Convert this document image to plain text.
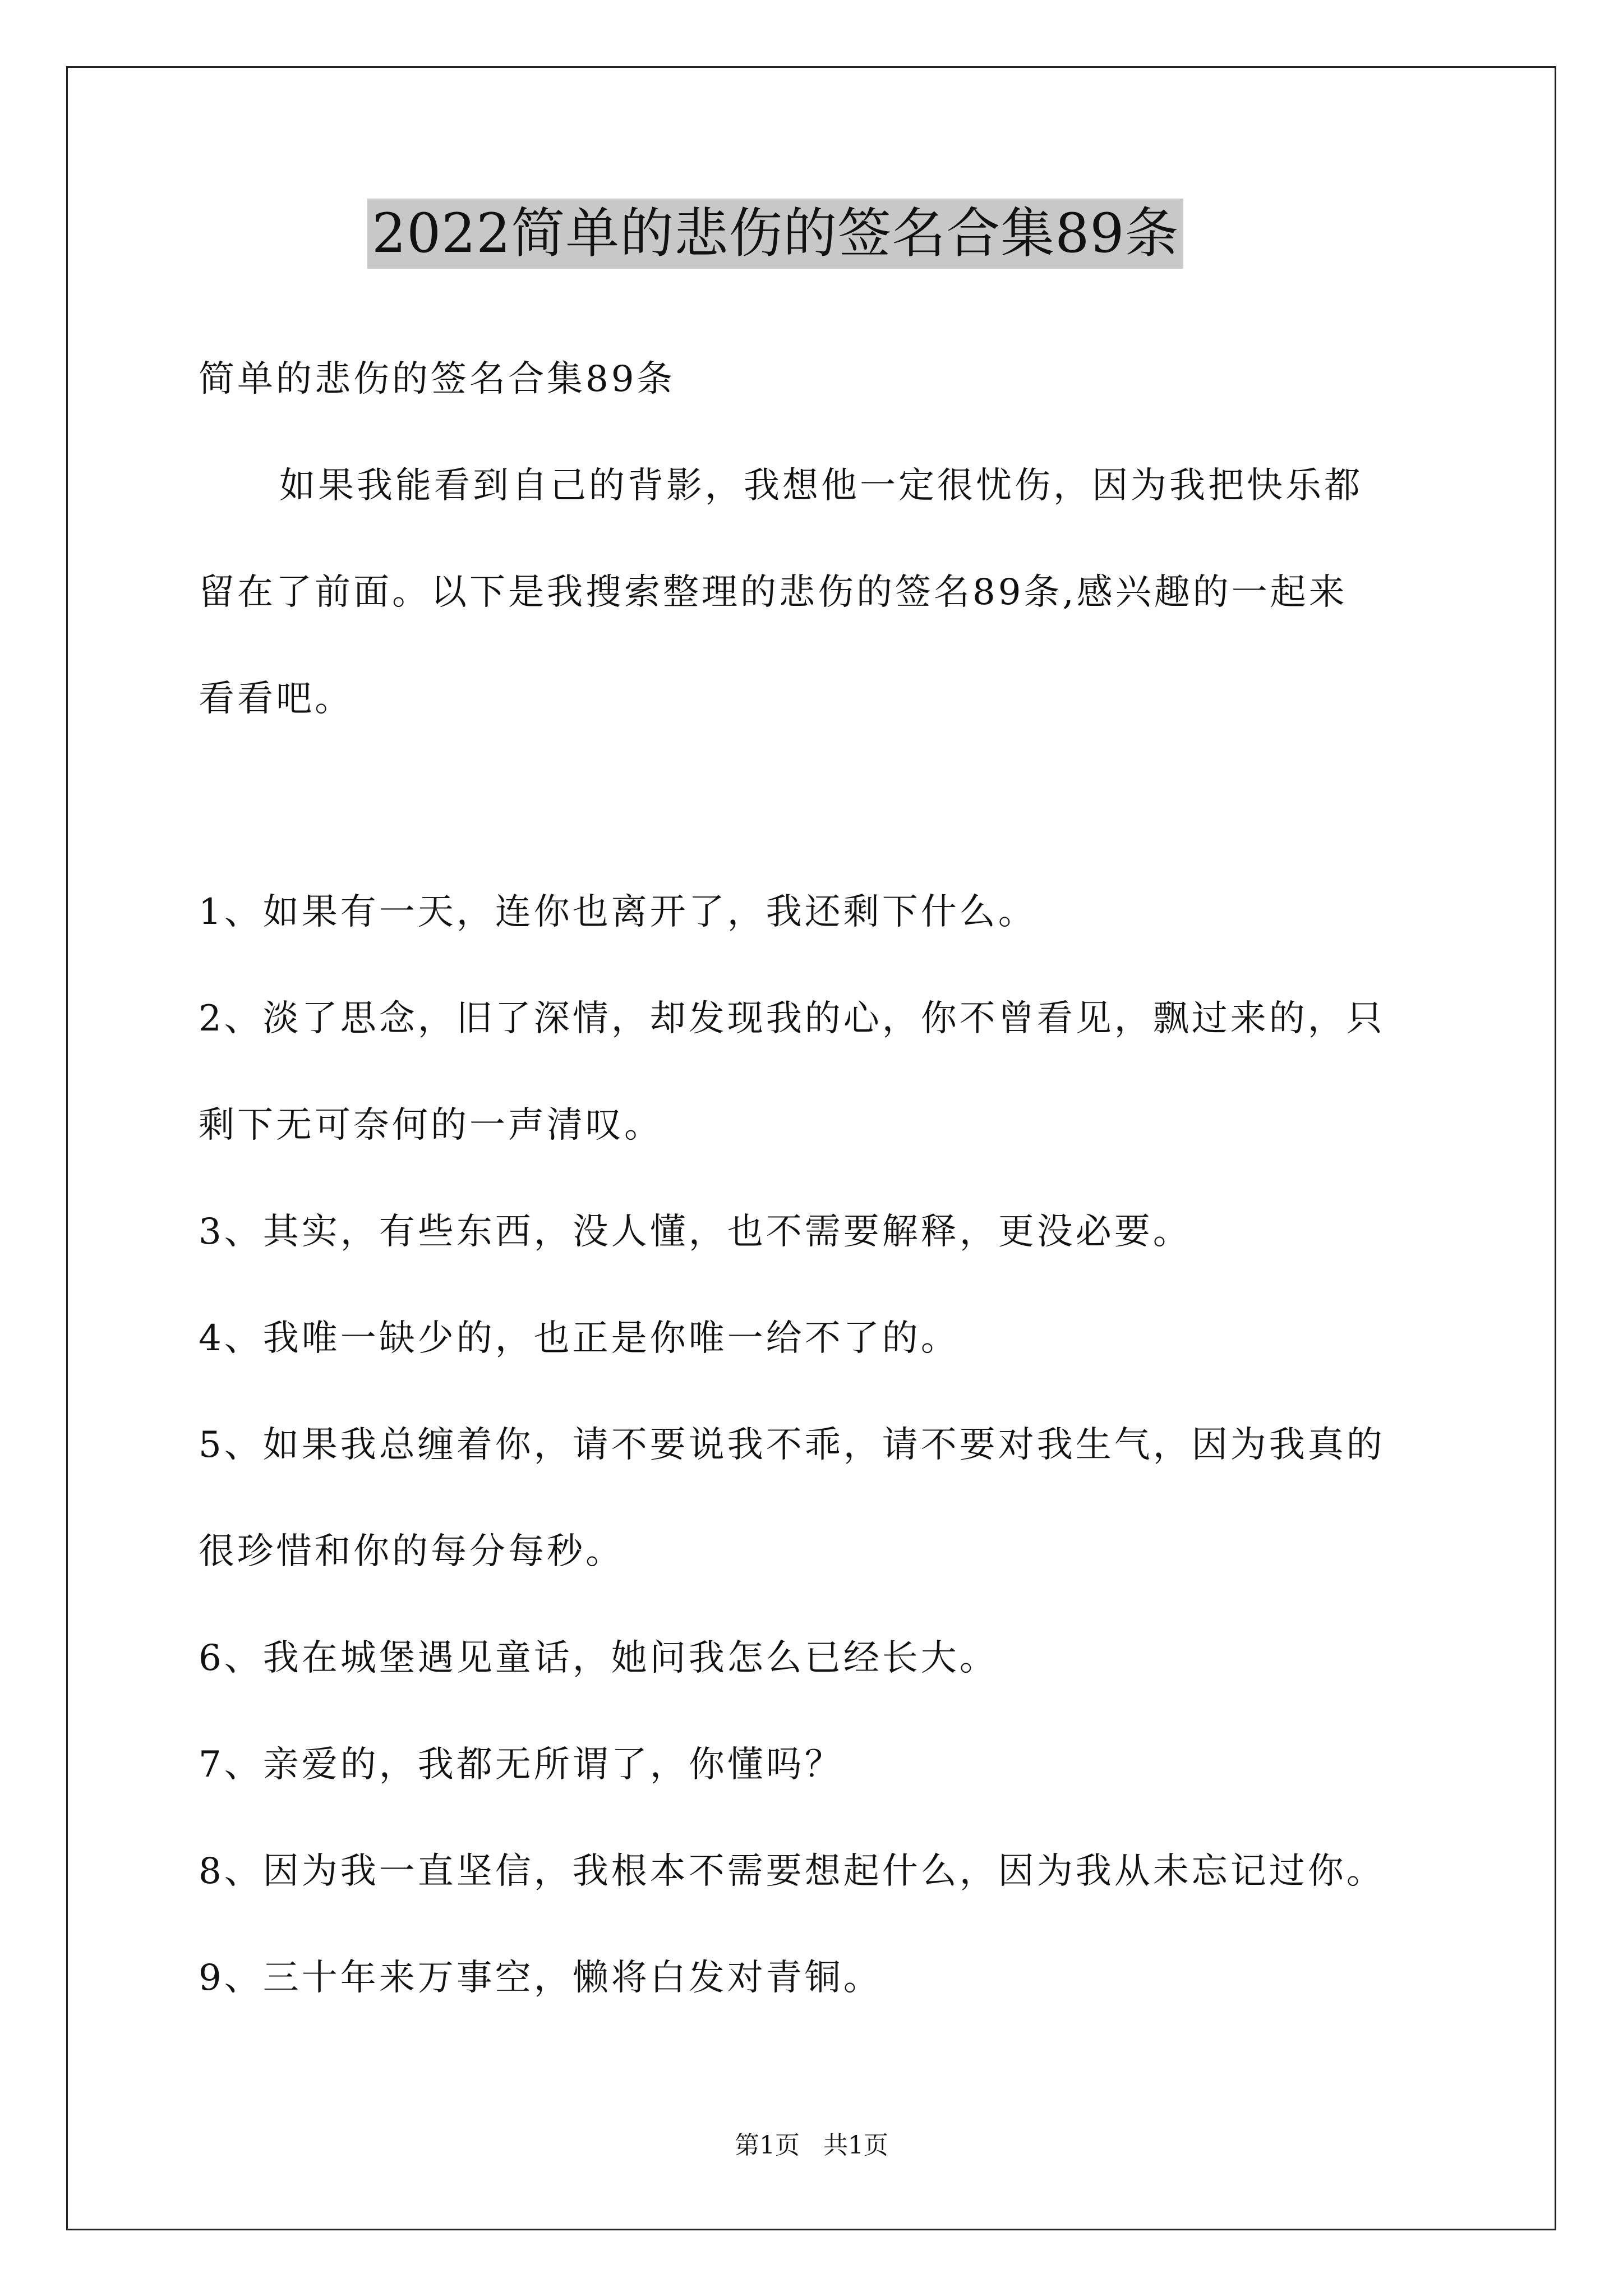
2022简单的悲伤的签名合集89条
简单的悲伤的签名合集89条
如果我能看到自己的背影，我想他一定很忧伤，因为我把快乐都
留在了前面。以下是我搜索整理的悲伤的签名89条,感兴趣的一起来
看看吧。
1、如果有一天，连你也离开了，我还剩下什么。
2、淡了思念，旧了深情，却发现我的心，你不曾看见，飘过来的，只
剩下无可奈何的一声清叹。
3、其实，有些东西，没人懂，也不需要解释，更没必要。
4、我唯一缺少的，也正是你唯一给不了的。
5、如果我总缠着你，请不要说我不乖，请不要对我生气，因为我真的
很珍惜和你的每分每秒。
6、我在城堡遇见童话，她问我怎么已经长大。
7、亲爱的，我都无所谓了，你懂吗？
8、因为我一直坚信，我根本不需要想起什么，因为我从未忘记过你。
9、三十年来万事空，懒将白发对青铜。
第1页   共1页
